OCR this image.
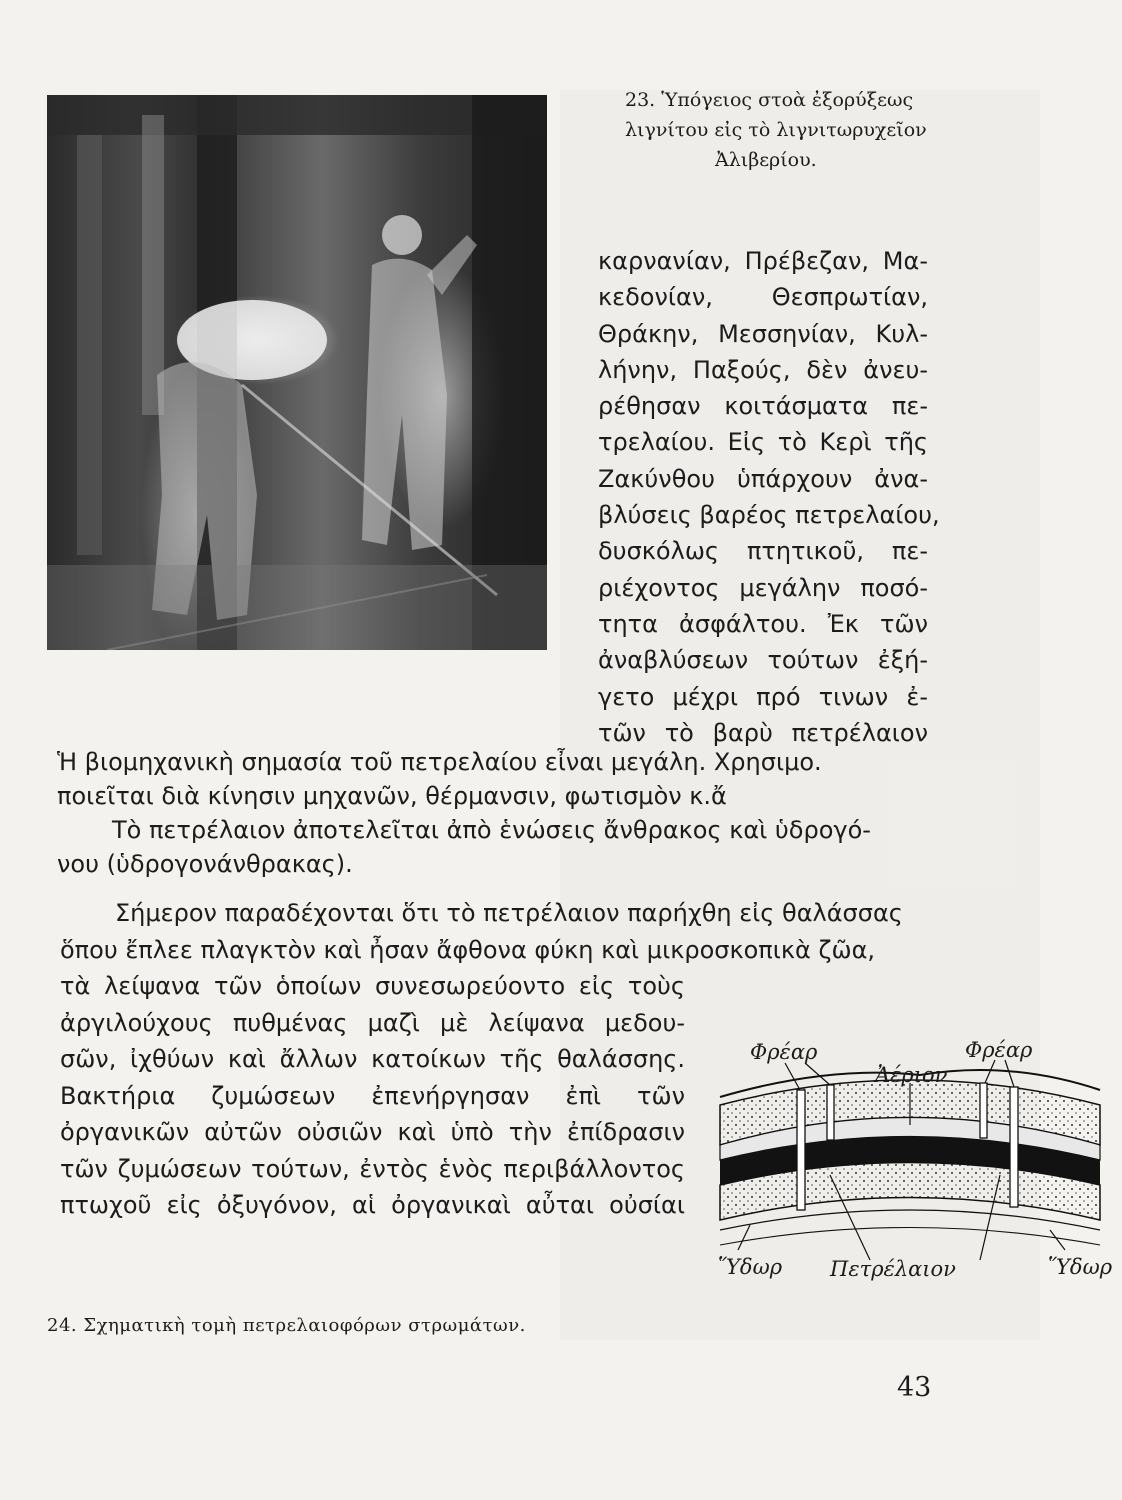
23. Ὑπόγειος στοὰ ἐξορύξεως
λιγνίτου εἰς τὸ λιγνιτωρυχεῖον
Ἀλιβερίου.
καρνανίαν, Πρέβεζαν, Μα-
κεδονίαν, Θεσπρωτίαν,
Θράκην, Μεσσηνίαν, Κυλ-
λήνην, Παξούς, δὲν ἀνευ-
ρέθησαν κοιτάσματα πε-
τρελαίου. Εἰς τὸ Κερὶ τῆς
Ζακύνθου ὑπάρχουν ἀνα-
βλύσεις βαρέος πετρελαίου,
δυσκόλως πτητικοῦ, πε-
ριέχοντος μεγάλην ποσό-
τητα ἀσφάλτου. Ἐκ τῶν
ἀναβλύσεων τούτων ἐξή-
γετο μέχρι πρό τινων ἐ-
τῶν τὸ βαρὺ πετρέλαιον
Ἡ βιομηχανικὴ σημασία τοῦ πετρελαίου εἶναι μεγάλη. Χρησιμο.
ποιεῖται διὰ κίνησιν μηχανῶν, θέρμανσιν, φωτισμὸν κ.ἄ
Τὸ πετρέλαιον ἀποτελεῖται ἀπὸ ἑνώσεις ἄνθρακος καὶ ὑδρογό-
νου (ὑδρογονάνθρακας).
Σήμερον παραδέχονται ὅτι τὸ πετρέλαιον παρήχθη εἰς θαλάσσας
ὅπου ἔπλεε πλαγκτὸν καὶ ἦσαν ἄφθονα φύκη καὶ μικροσκοπικὰ ζῶα,
τὰ λείψανα τῶν ὁποίων συνεσωρεύοντο εἰς τοὺς
ἀργιλούχους πυθμένας μαζὶ μὲ λείψανα μεδου-
σῶν, ἰχθύων καὶ ἄλλων κατοίκων τῆς θαλάσσης.
Βακτήρια ζυμώσεων ἐπενήργησαν ἐπὶ τῶν
ὀργανικῶν αὐτῶν οὐσιῶν καὶ ὑπὸ τὴν ἐπίδρασιν
τῶν ζυμώσεων τούτων, ἐντὸς ἑνὸς περιβάλλοντος
πτωχοῦ εἰς ὀξυγόνον, αἱ ὀργανικαὶ αὖται οὐσίαι
Φρέαρ	Φρέαρ
Ἀέριον
Ὕδωρ Πετρέλαιον	Ὕδωρ
24. Σχηματικὴ τομὴ πετρελαιοφόρων στρωμάτων.
43
